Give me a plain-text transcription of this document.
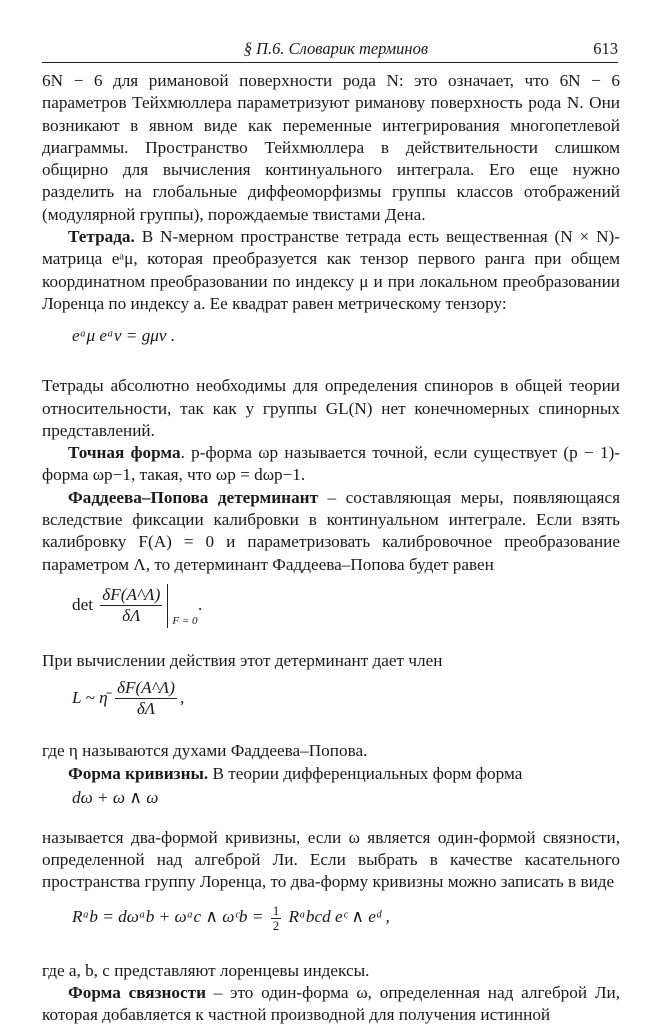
§ П.6. Словарик терминов	613

6N − 6 для римановой поверхности рода N: это означает, что 6N − 6 параметров Тейхмюллера параметризуют риманову поверхность рода N. Они возникают в явном виде как переменные интегрирования многопетлевой диаграммы. Пространство Тейхмюллера в действительности слишком общирно для вычисления континуального интеграла. Его еще нужно разделить на глобальные диффеоморфизмы группы классов отображений (модулярной группы), порождаемые твистами Дена.

Тетрада. В N-мерном пространстве тетрада есть вещественная (N × N)-матрица eᵃμ, которая преобразуется как тензор первого ранга при общем координатном преобразовании по индексу μ и при локальном преобразовании Лоренца по индексу a. Ее квадрат равен метрическому тензору:

eᵃμ eᵃν = gμν .

Тетрады абсолютно необходимы для определения спиноров в общей теории относительности, так как у группы GL(N) нет конечномерных спинорных представлений.

Точная форма. p-форма ωp называется точной, если существует (p − 1)-форма ωp−1, такая, что ωp = dωp−1.

Фаддеева–Попова детерминант – составляющая меры, появляющаяся вследствие фиксации калибровки в континуальном интеграле. Если взять калибровку F(A) = 0 и параметризовать калибровочное преобразование параметром Λ, то детерминант Фаддеева–Попова будет равен

$\det \frac{\delta F(A\^{}\Lambda)}{\delta\Lambda}$ F = 0
.

При вычислении действия этот детерминант дает член

L ~ η̄ $\frac{\delta F(A\^{}\Lambda)}{\delta\Lambda}$ ,

где η называются духами Фаддеева–Попова.

Форма кривизны. В теории дифференциальных форм форма

dω + ω ∧ ω

называется два-формой кривизны, если ω является один-формой связности, определенной над алгеброй Ли. Если выбрать в качестве касательного пространства группу Лоренца, то два-форму кривизны можно записать в виде

Rᵃb = dωᵃb + ωᵃc ∧ ωᶜb = $\frac{1}{2}$ Rᵃbcd eᶜ ∧ eᵈ ,

где a, b, c представляют лоренцевы индексы.

Форма связности – это один-форма ω, определенная над алгеброй Ли, которая добавляется к частной производной для получения истинной
